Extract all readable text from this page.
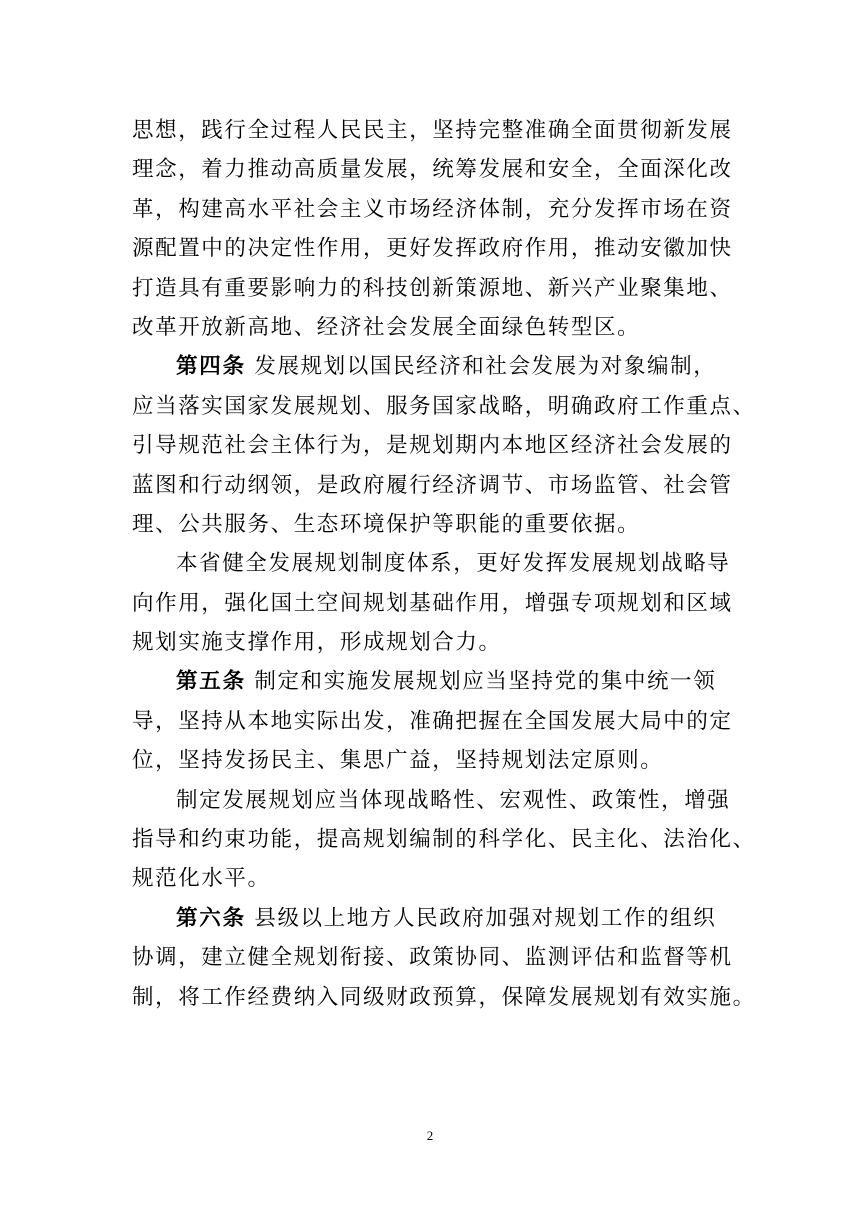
思想，践行全过程人民民主，坚持完整准确全面贯彻新发展
理念，着力推动高质量发展，统筹发展和安全，全面深化改
革，构建高水平社会主义市场经济体制，充分发挥市场在资
源配置中的决定性作用，更好发挥政府作用，推动安徽加快
打造具有重要影响力的科技创新策源地、新兴产业聚集地、
改革开放新高地、经济社会发展全面绿色转型区。
第四条 发展规划以国民经济和社会发展为对象编制，
应当落实国家发展规划、服务国家战略，明确政府工作重点、
引导规范社会主体行为，是规划期内本地区经济社会发展的
蓝图和行动纲领，是政府履行经济调节、市场监管、社会管
理、公共服务、生态环境保护等职能的重要依据。
本省健全发展规划制度体系，更好发挥发展规划战略导
向作用，强化国土空间规划基础作用，增强专项规划和区域
规划实施支撑作用，形成规划合力。
第五条 制定和实施发展规划应当坚持党的集中统一领
导，坚持从本地实际出发，准确把握在全国发展大局中的定
位，坚持发扬民主、集思广益，坚持规划法定原则。
制定发展规划应当体现战略性、宏观性、政策性，增强
指导和约束功能，提高规划编制的科学化、民主化、法治化、
规范化水平。
第六条 县级以上地方人民政府加强对规划工作的组织
协调，建立健全规划衔接、政策协同、监测评估和监督等机
制，将工作经费纳入同级财政预算，保障发展规划有效实施。
2
